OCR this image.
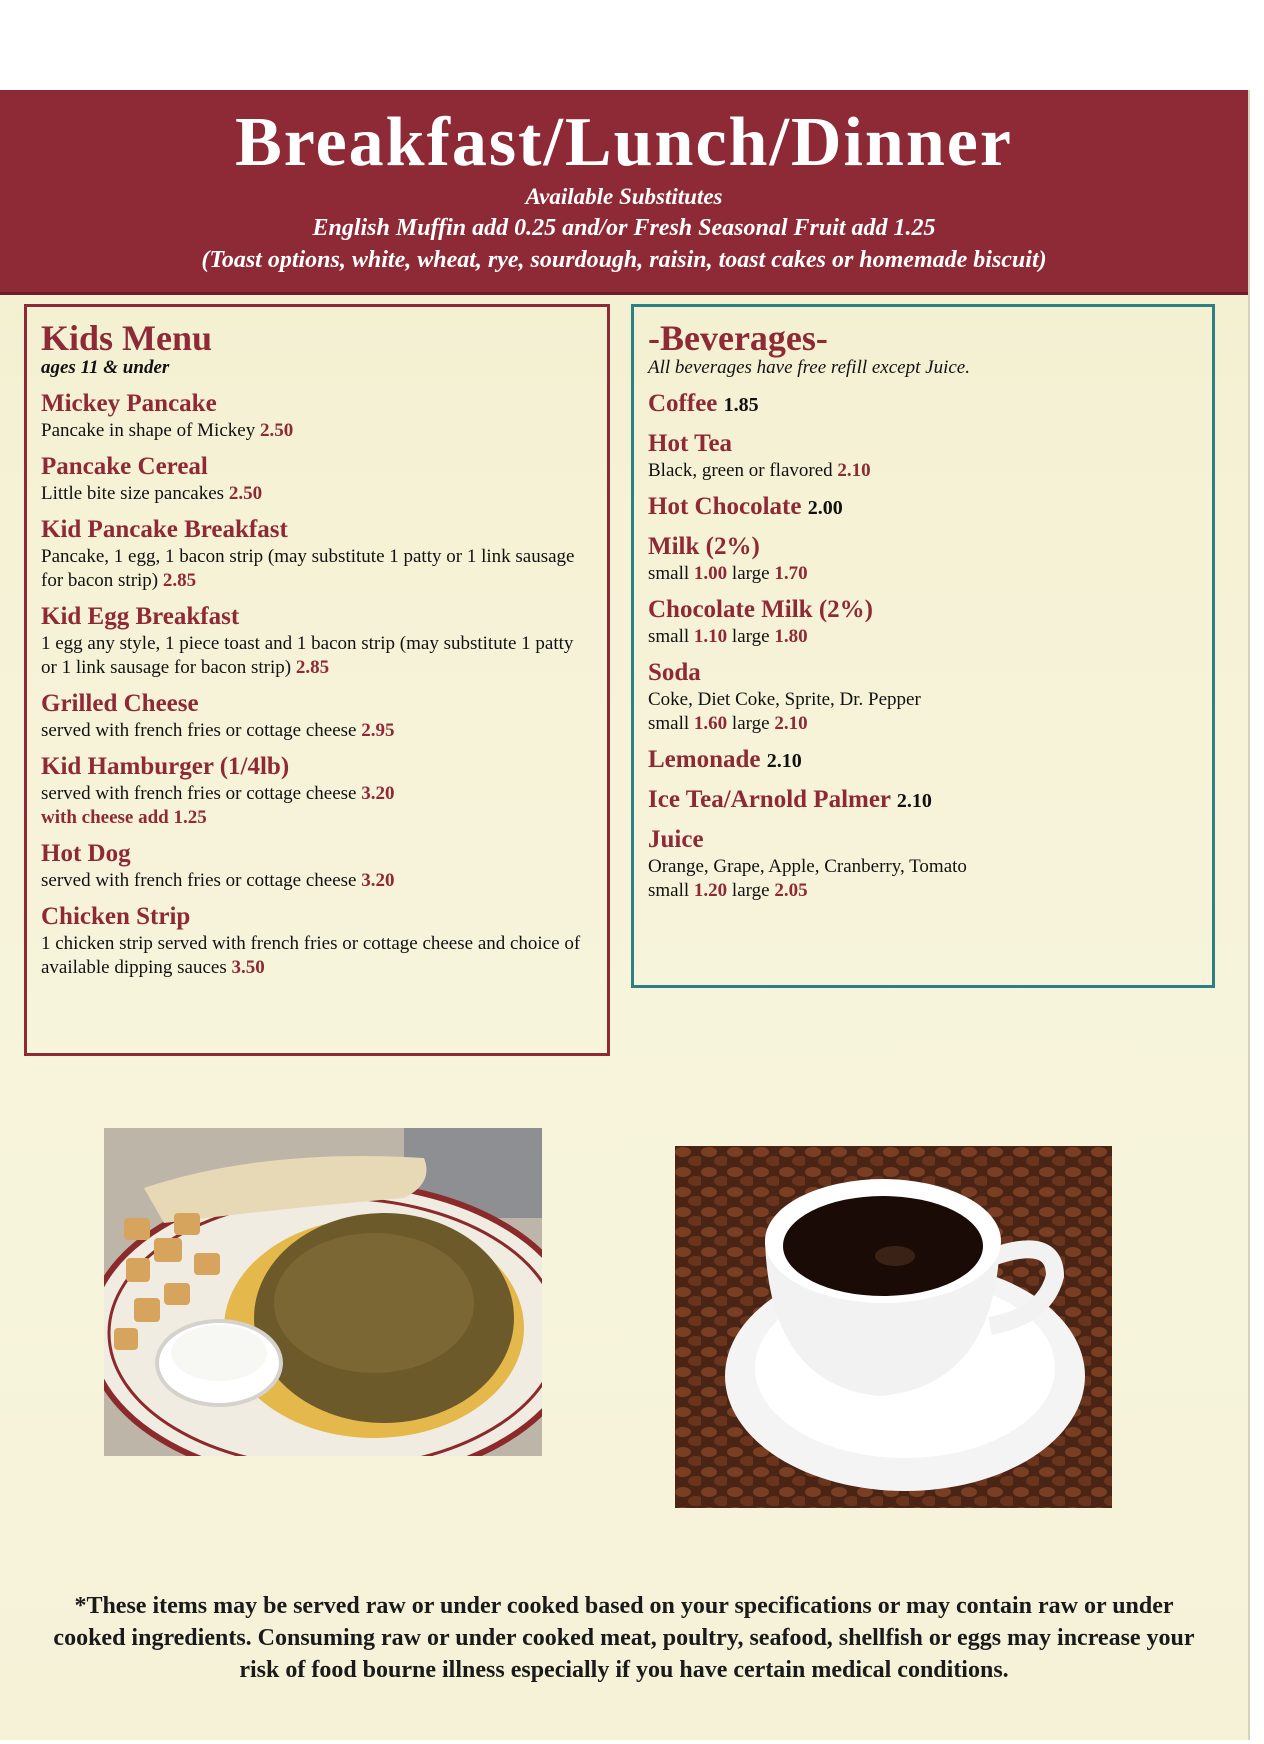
Breakfast/Lunch/Dinner
Available Substitutes
English Muffin add 0.25 and/or Fresh Seasonal Fruit add 1.25
(Toast options, white, wheat, rye, sourdough, raisin, toast cakes or homemade biscuit)
Kids Menu
ages 11 & under
Mickey Pancake
Pancake in shape of Mickey 2.50
Pancake Cereal
Little bite size pancakes 2.50
Kid Pancake Breakfast
Pancake, 1 egg, 1 bacon strip (may substitute 1 patty or 1 link sausage for bacon strip) 2.85
Kid Egg Breakfast
1 egg any style, 1 piece toast and 1 bacon strip (may substitute 1 patty or 1 link sausage for bacon strip) 2.85
Grilled Cheese
served with french fries or cottage cheese 2.95
Kid Hamburger (1/4lb)
served with french fries or cottage cheese 3.20
with cheese add 1.25
Hot Dog
served with french fries or cottage cheese 3.20
Chicken Strip
1 chicken strip served with french fries or cottage cheese and choice of available dipping sauces 3.50
-Beverages-
All beverages have free refill except Juice.
Coffee 1.85
Hot Tea
Black, green or flavored 2.10
Hot Chocolate 2.00
Milk (2%)
small 1.00 large 1.70
Chocolate Milk (2%)
small 1.10 large 1.80
Soda
Coke, Diet Coke, Sprite, Dr. Pepper
small 1.60 large 2.10
Lemonade 2.10
Ice Tea/Arnold Palmer 2.10
Juice
Orange, Grape, Apple, Cranberry, Tomato
small 1.20 large 2.05
*These items may be served raw or under cooked based on your specifications or may contain raw or under cooked ingredients. Consuming raw or under cooked meat, poultry, seafood, shellfish or eggs may increase your risk of food bourne illness especially if you have certain medical conditions.
